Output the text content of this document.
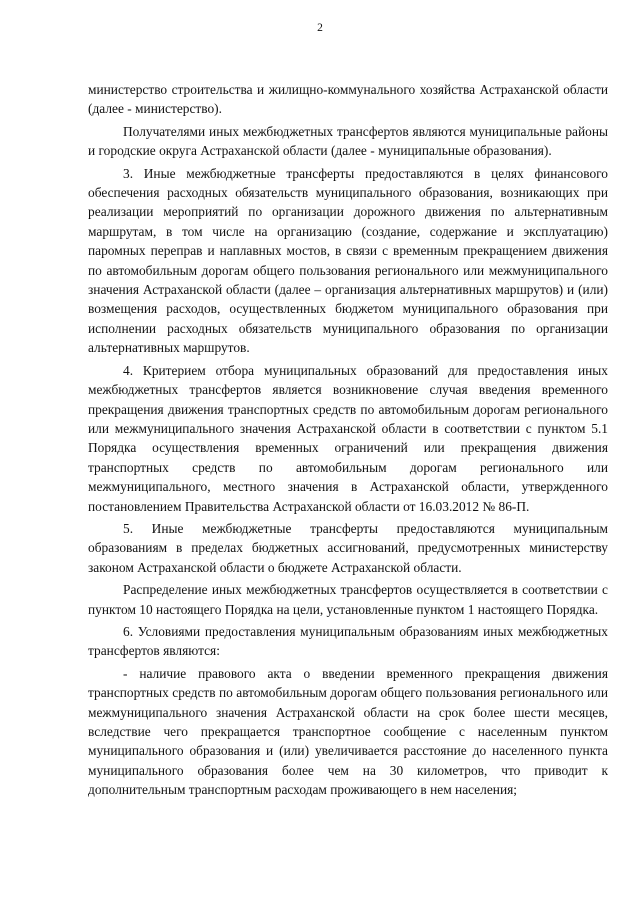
2

министерство строительства и жилищно-коммунального хозяйства Астраханской области (далее - министерство).

Получателями иных межбюджетных трансфертов являются муниципальные районы и городские округа Астраханской области (далее - муниципальные образования).

3. Иные межбюджетные трансферты предоставляются в целях финансового обеспечения расходных обязательств муниципального образования, возникающих при реализации мероприятий по организации дорожного движения по альтернативным маршрутам, в том числе на организацию (создание, содержание и эксплуатацию) паромных переправ и наплавных мостов, в связи с временным прекращением движения по автомобильным дорогам общего пользования регионального или межмуниципального значения Астраханской области (далее – организация альтернативных маршрутов) и (или) возмещения расходов, осуществленных бюджетом муниципального образования при исполнении расходных обязательств муниципального образования по организации альтернативных маршрутов.

4. Критерием отбора муниципальных образований для предоставления иных межбюджетных трансфертов является возникновение случая введения временного прекращения движения транспортных средств по автомобильным дорогам регионального или межмуниципального значения Астраханской области в соответствии с пунктом 5.1 Порядка осуществления временных ограничений или прекращения движения транспортных средств по автомобильным дорогам регионального или межмуниципального, местного значения в Астраханской области, утвержденного постановлением Правительства Астраханской области от 16.03.2012 № 86-П.

5. Иные межбюджетные трансферты предоставляются муниципальным образованиям в пределах бюджетных ассигнований, предусмотренных министерству законом Астраханской области о бюджете Астраханской области.

Распределение иных межбюджетных трансфертов осуществляется в соответствии с пунктом 10 настоящего Порядка на цели, установленные пунктом 1 настоящего Порядка.

6. Условиями предоставления муниципальным образованиям иных межбюджетных трансфертов являются:

- наличие правового акта о введении временного прекращения движения транспортных средств по автомобильным дорогам общего пользования регионального или межмуниципального значения Астраханской области на срок более шести месяцев, вследствие чего прекращается транспортное сообщение с населенным пунктом муниципального образования и (или) увеличивается расстояние до населенного пункта муниципального образования более чем на 30 километров, что приводит к дополнительным транспортным расходам проживающего в нем населения;
